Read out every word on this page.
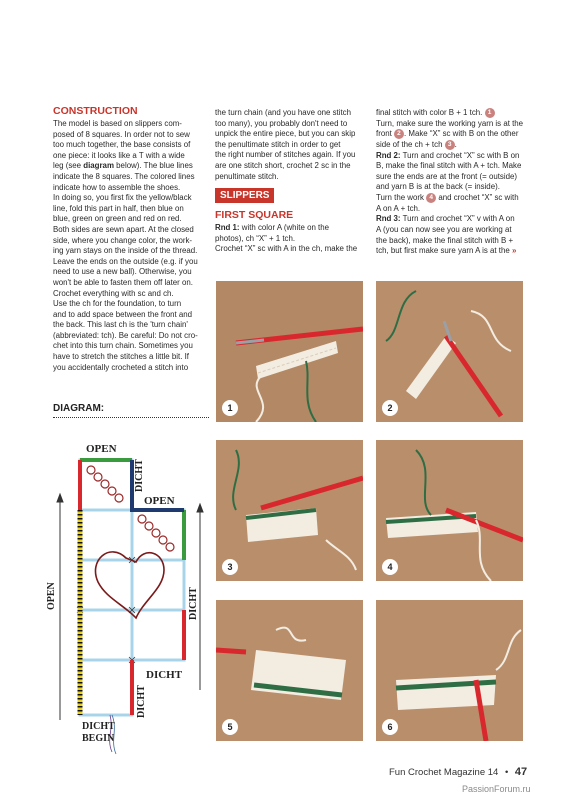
CONSTRUCTION

The model is based on slippers com-

posed of 8 squares. In order not to sew

too much together, the base consists of

one piece: it looks like a T with a wide

leg (see diagram below). The blue lines

indicate the 8 squares. The colored lines

indicate how to assemble the shoes.

In doing so, you first fix the yellow/black

line, fold this part in half, then blue on

blue, green on green and red on red.

Both sides are sewn apart. At the closed

side, where you change color, the work-

ing yarn stays on the inside of the thread.

Leave the ends on the outside (e.g. if you

need to use a new ball). Otherwise, you

won't be able to fasten them off later on.

Crochet everything with sc and ch.

Use the ch for the foundation, to turn

and to add space between the front and

the back. This last ch is the 'turn chain'

(abbreviated: tch). Be careful: Do not cro-

chet into this turn chain. Sometimes you

have to stretch the stitches a little bit. If

you accidentally crocheted a stitch into

the turn chain (and you have one stitch

too many), you probably don't need to

unpick the entire piece, but you can skip

the penultimate stitch in order to get

the right number of stitches again. If you

are one stitch short, crochet 2 sc in the

penultimate stitch.

SLIPPERS
FIRST SQUARE

Rnd 1: with color A (white on the

photos), ch “X” + 1 tch.

Crochet “X” sc with A in the ch, make the

final stitch with color B + 1 tch. 1

Turn, make sure the working yarn is at the

front 2 . Make “X” sc with B on the other

side of the ch + tch 3 .

Rnd 2: Turn and crochet “X” sc with B on

B, make the final stitch with A + tch. Make

sure the ends are at the front (= outside)

and yarn B is at the back (= inside).

Turn the work 4 and crochet “X” sc with

A on A + tch.

Rnd 3: Turn and crochet “X” v with A on

A (you can now see you are working at

the back), make the final stitch with B +

tch, but first make sure yarn A is at the »

DIAGRAM:
OPEN
DICHT
OPEN
DICHT
OPEN
DICHT
DICHT
DICHT
BEGIN
1	2
3	4
5	6
Fun Crochet Magazine 14 • 47
PassionForum.ru
